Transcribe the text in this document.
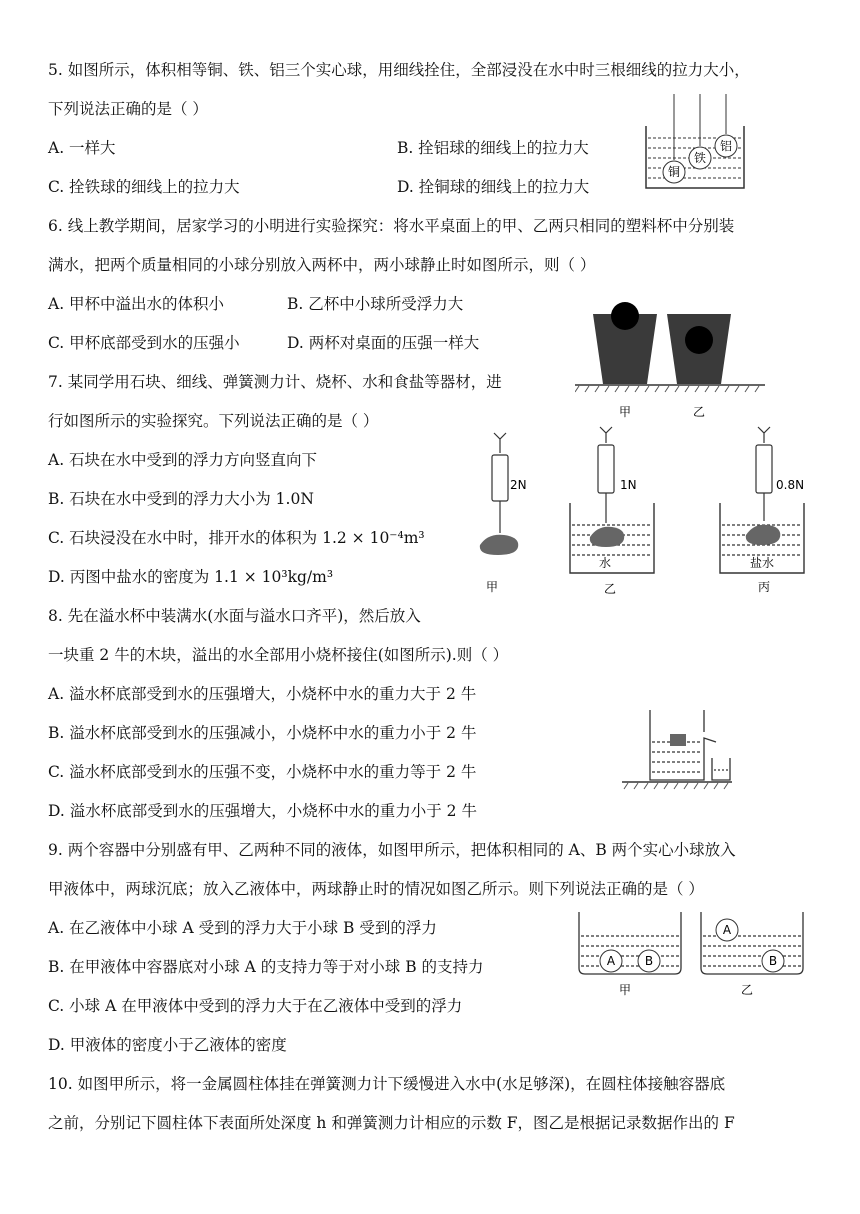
5. 如图所示，体积相等铜、铁、铝三个实心球，用细线拴住，全部浸没在水中时三根细线的拉力大小，
下列说法正确的是（ ）
A. 一样大	B. 拴铝球的细线上的拉力大
C. 拴铁球的细线上的拉力大	D. 拴铜球的细线上的拉力大
铜
铁
铝
6. 线上教学期间，居家学习的小明进行实验探究：将水平桌面上的甲、乙两只相同的塑料杯中分别装
满水，把两个质量相同的小球分别放入两杯中，两小球静止时如图所示，则（ ）
A. 甲杯中溢出水的体积小	B. 乙杯中小球所受浮力大
C. 甲杯底部受到水的压强小	D. 两杯对桌面的压强一样大
甲	乙
7. 某同学用石块、细线、弹簧测力计、烧杯、水和食盐等器材，进
行如图所示的实验探究。下列说法正确的是（ ）
A. 石块在水中受到的浮力方向竖直向下
B. 石块在水中受到的浮力大小为 1.0N
C. 石块浸没在水中时，排开水的体积为 1.2 × 10⁻⁴m³
D. 丙图中盐水的密度为 1.1 × 10³kg/m³
2N	1N
水
0.8N
盐水
甲	乙	丙
8. 先在溢水杯中装满水(水面与溢水口齐平)，然后放入
一块重 2 牛的木块，溢出的水全部用小烧杯接住(如图所示).则（ ）
A. 溢水杯底部受到水的压强增大，小烧杯中水的重力大于 2 牛
B. 溢水杯底部受到水的压强减小，小烧杯中水的重力小于 2 牛
C. 溢水杯底部受到水的压强不变，小烧杯中水的重力等于 2 牛
D. 溢水杯底部受到水的压强增大，小烧杯中水的重力小于 2 牛
9. 两个容器中分别盛有甲、乙两种不同的液体，如图甲所示，把体积相同的 A、B 两个实心小球放入
甲液体中，两球沉底；放入乙液体中，两球静止时的情况如图乙所示。则下列说法正确的是（ ）
A. 在乙液体中小球 A 受到的浮力大于小球 B 受到的浮力
B. 在甲液体中容器底对小球 A 的支持力等于对小球 B 的支持力
C. 小球 A 在甲液体中受到的浮力大于在乙液体中受到的浮力
D. 甲液体的密度小于乙液体的密度
A B
A
B
甲	乙
10. 如图甲所示，将一金属圆柱体挂在弹簧测力计下缓慢进入水中(水足够深)，在圆柱体接触容器底
之前，分别记下圆柱体下表面所处深度 h 和弹簧测力计相应的示数 F，图乙是根据记录数据作出的 F
